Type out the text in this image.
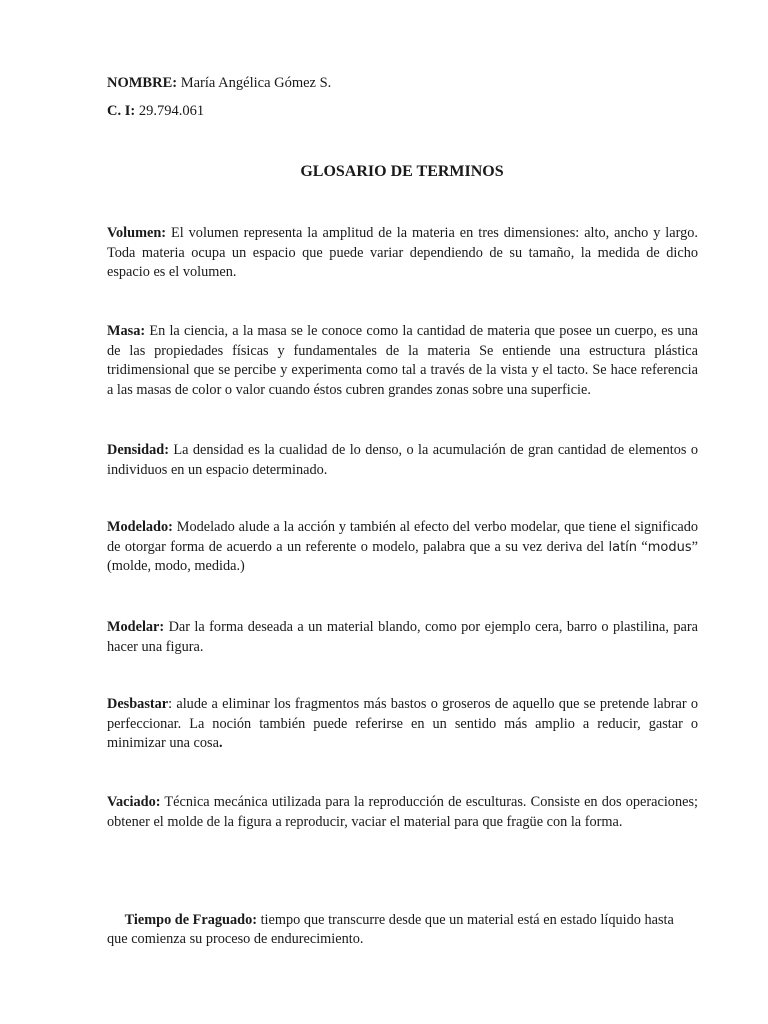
NOMBRE: María Angélica Gómez S.
C. I: 29.794.061
GLOSARIO DE TERMINOS

Volumen: El volumen representa la amplitud de la materia en tres dimensiones: alto, ancho y largo. Toda materia ocupa un espacio que puede variar dependiendo de su tamaño, la medida de dicho espacio es el volumen.

Masa: En la ciencia, a la masa se le conoce como la cantidad de materia que posee un cuerpo, es una de las propiedades físicas y fundamentales de la materia Se entiende una estructura plástica tridimensional que se percibe y experimenta como tal a través de la vista y el tacto. Se hace referencia a las masas de color o valor cuando éstos cubren grandes zonas sobre una superficie.

Densidad: La densidad es la cualidad de lo denso, o la acumulación de gran cantidad de elementos o individuos en un espacio determinado.

Modelado: Modelado alude a la acción y también al efecto del verbo modelar, que tiene el significado de otorgar forma de acuerdo a un referente o modelo, palabra que a su vez deriva del latín “modus” (molde, modo, medida.)

Modelar: Dar la forma deseada a un material blando, como por ejemplo cera, barro o plastilina, para hacer una figura.

Desbastar: alude a eliminar los fragmentos más bastos o groseros de aquello que se pretende labrar o perfeccionar. La noción también puede referirse en un sentido más amplio a reducir, gastar o minimizar una cosa.

Vaciado: Técnica mecánica utilizada para la reproducción de esculturas. Consiste en dos operaciones; obtener el molde de la figura a reproducir, vaciar el material para que fragüe con la forma.

Tiempo de Fraguado: tiempo que transcurre desde que un material está en estado líquido hasta que comienza su proceso de endurecimiento.
